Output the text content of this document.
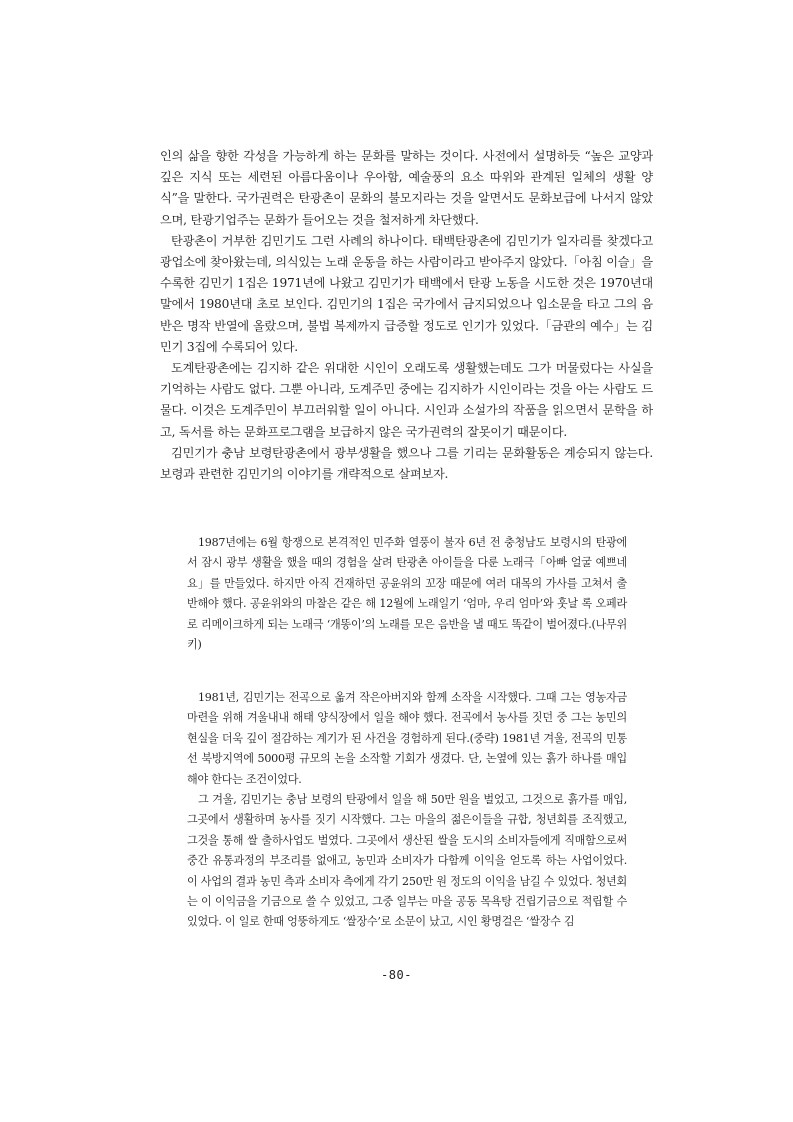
인의 삶을 향한 각성을 가능하게 하는 문화를 말하는 것이다. 사전에서 설명하듯 “높은 교양과 깊은 지식 또는 세련된 아름다움이나 우아함, 예술풍의 요소 따위와 관계된 일체의 생활 양식”을 말한다. 국가권력은 탄광촌이 문화의 불모지라는 것을 알면서도 문화보급에 나서지 않았으며, 탄광기업주는 문화가 들어오는 것을 철저하게 차단했다.

탄광촌이 거부한 김민기도 그런 사례의 하나이다. 태백탄광촌에 김민기가 일자리를 찾겠다고 광업소에 찾아왔는데, 의식있는 노래 운동을 하는 사람이라고 받아주지 않았다.「아침 이슬」을 수록한 김민기 1집은 1971년에 나왔고 김민기가 태백에서 탄광 노동을 시도한 것은 1970년대 말에서 1980년대 초로 보인다. 김민기의 1집은 국가에서 금지되었으나 입소문을 타고 그의 음반은 명작 반열에 올랐으며, 불법 복제까지 급증할 정도로 인기가 있었다.「금관의 예수」는 김민기 3집에 수록되어 있다.

도계탄광촌에는 김지하 같은 위대한 시인이 오래도록 생활했는데도 그가 머물렀다는 사실을 기억하는 사람도 없다. 그뿐 아니라, 도계주민 중에는 김지하가 시인이라는 것을 아는 사람도 드물다. 이것은 도계주민이 부끄러워할 일이 아니다. 시인과 소설가의 작품을 읽으면서 문학을 하고, 독서를 하는 문화프로그램을 보급하지 않은 국가권력의 잘못이기 때문이다.

김민기가 충남 보령탄광촌에서 광부생활을 했으나 그를 기리는 문화활동은 계승되지 않는다. 보령과 관련한 김민기의 이야기를 개략적으로 살펴보자.

1987년에는 6월 항쟁으로 본격적인 민주화 열풍이 불자 6년 전 충청남도 보령시의 탄광에서 잠시 광부 생활을 했을 때의 경험을 살려 탄광촌 아이들을 다룬 노래극「아빠 얼굴 예쁘네요」를 만들었다. 하지만 아직 건재하던 공윤위의 꼬장 때문에 여러 대목의 가사를 고쳐서 출반해야 했다. 공윤위와의 마찰은 같은 해 12월에 노래일기 ‘엄마, 우리 엄마’와 훗날 록 오페라로 리메이크하게 되는 노래극 ‘개똥이’의 노래를 모은 음반을 낼 때도 똑같이 벌어졌다.(나무위키)

1981년, 김민기는 전곡으로 옮겨 작은아버지와 함께 소작을 시작했다. 그때 그는 영농자금 마련을 위해 겨울내내 해태 양식장에서 일을 해야 했다. 전곡에서 농사를 짓던 중 그는 농민의 현실을 더욱 깊이 절감하는 계기가 된 사건을 경험하게 된다.(중략) 1981년 겨울, 전곡의 민통선 북방지역에 5000평 규모의 논을 소작할 기회가 생겼다. 단, 논옆에 있는 흙가 하나를 매입해야 한다는 조건이었다.

그 겨울, 김민기는 충남 보령의 탄광에서 일을 해 50만 원을 벌었고, 그것으로 흙가를 매입, 그곳에서 생활하며 농사를 짓기 시작했다. 그는 마을의 젊은이들을 규합, 청년회를 조직했고, 그것을 통해 쌀 출하사업도 벌였다. 그곳에서 생산된 쌀을 도시의 소비자들에게 직매함으로써 중간 유통과정의 부조리를 없애고, 농민과 소비자가 다함께 이익을 얻도록 하는 사업이었다. 이 사업의 결과 농민 측과 소비자 측에게 각기 250만 원 정도의 이익을 남길 수 있었다. 청년회는 이 이익금을 기금으로 쓸 수 있었고, 그중 일부는 마을 공동 목욕탕 건립기금으로 적립할 수 있었다. 이 일로 한때 엉뚱하게도 ‘쌀장수’로 소문이 났고, 시인 황명걸은 ‘쌀장수 김

-80-
